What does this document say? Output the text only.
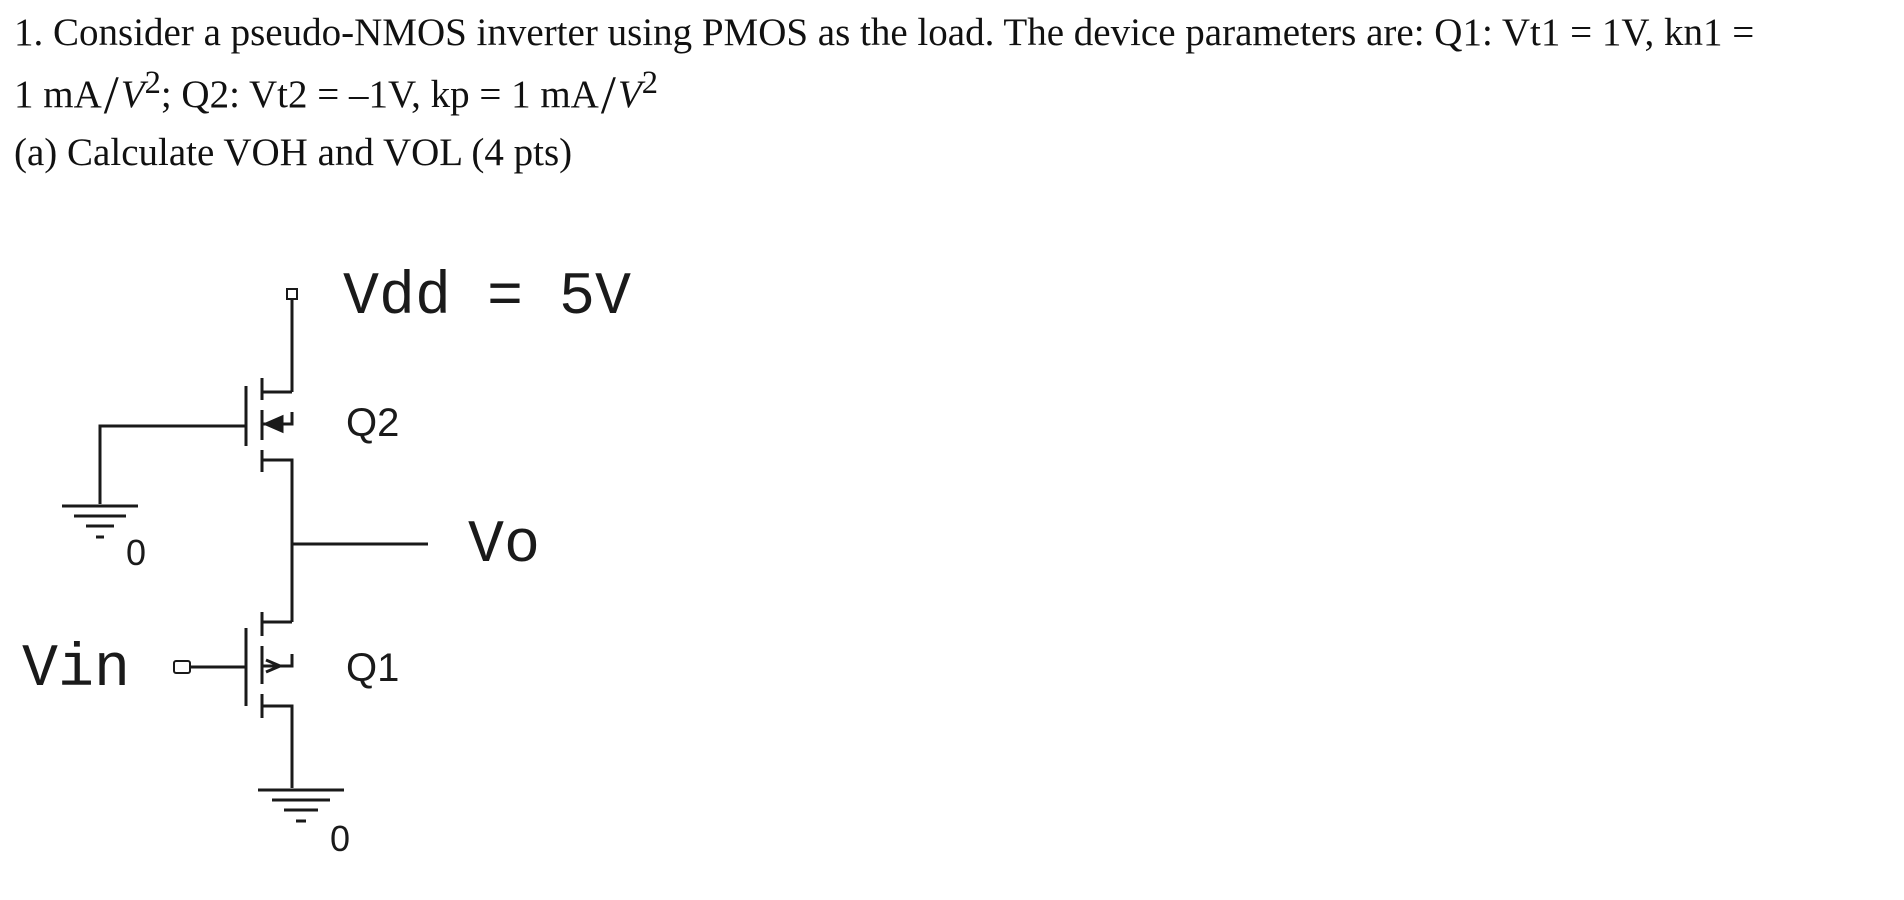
1. Consider a pseudo-NMOS inverter using PMOS as the load. The device parameters are: Q1: Vt1 = 1V, kn1 =

1 $mA/V^2$; Q2: Vt2 = –1V, kp = 1 $mA/V^2$

(a) Calculate VOH and VOL (4 pts)

Vdd = 5V
Q2
0	Vo
Q1
Vin
0
